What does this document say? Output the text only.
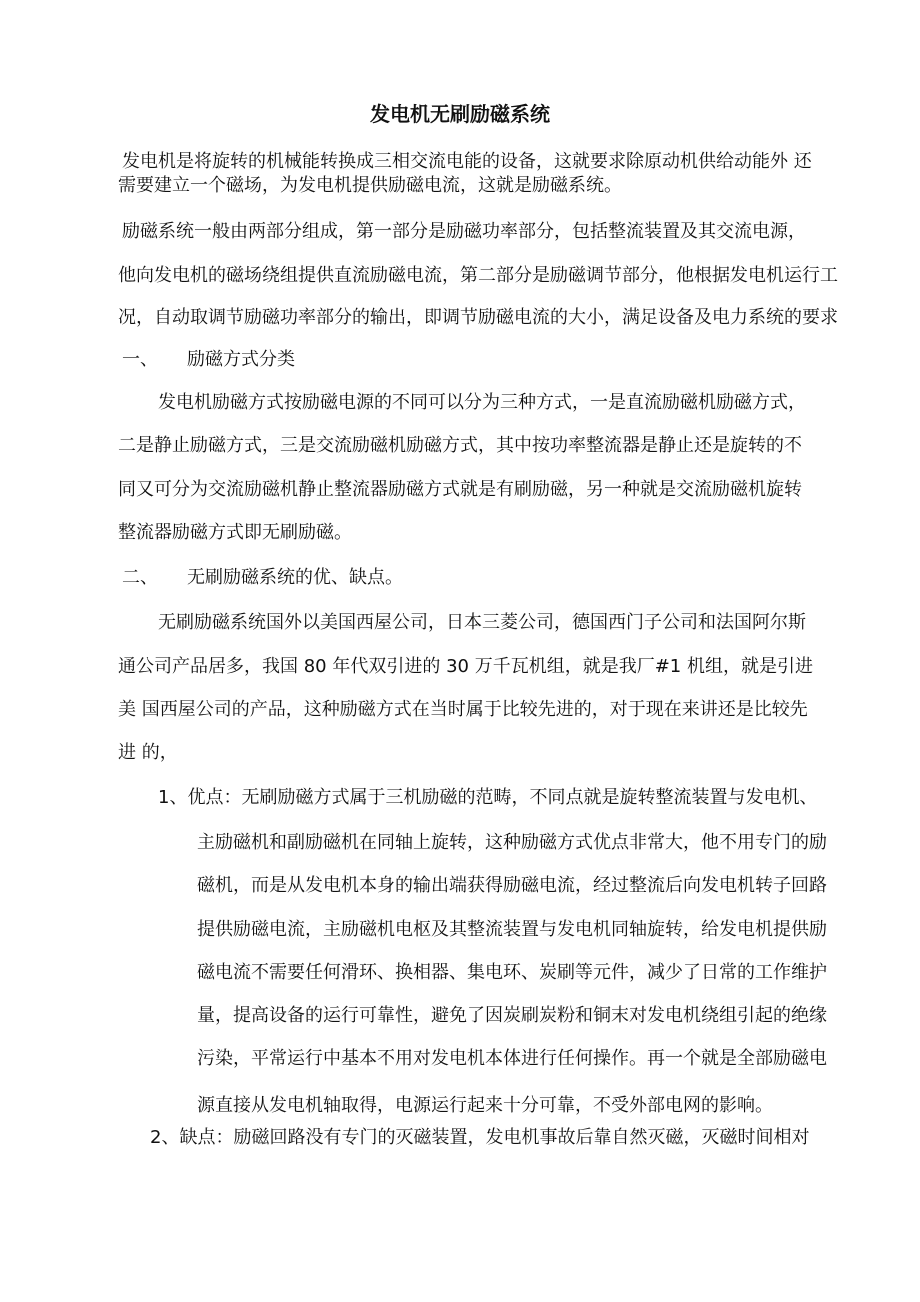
发电机无刷励磁系统
发电机是将旋转的机械能转换成三相交流电能的设备，这就要求除原动机供给动能外 还
需要建立一个磁场，为发电机提供励磁电流，这就是励磁系统。
励磁系统一般由两部分组成，第一部分是励磁功率部分，包括整流装置及其交流电源，
他向发电机的磁场绕组提供直流励磁电流，第二部分是励磁调节部分，他根据发电机运行工
况，自动取调节励磁功率部分的输出，即调节励磁电流的大小，满足设备及电力系统的要求
一、 励磁方式分类
发电机励磁方式按励磁电源的不同可以分为三种方式，一是直流励磁机励磁方式，
二是静止励磁方式，三是交流励磁机励磁方式，其中按功率整流器是静止还是旋转的不
同又可分为交流励磁机静止整流器励磁方式就是有刷励磁，另一种就是交流励磁机旋转
整流器励磁方式即无刷励磁。
二、 无刷励磁系统的优、缺点。
无刷励磁系统国外以美国西屋公司，日本三菱公司，德国西门子公司和法国阿尔斯
通公司产品居多，我国 80 年代双引进的 30 万千瓦机组，就是我厂#1 机组，就是引进
美 国西屋公司的产品，这种励磁方式在当时属于比较先进的，对于现在来讲还是比较先
进 的，
1、优点：无刷励磁方式属于三机励磁的范畴，不同点就是旋转整流装置与发电机、
主励磁机和副励磁机在同轴上旋转，这种励磁方式优点非常大，他不用专门的励
磁机，而是从发电机本身的输出端获得励磁电流，经过整流后向发电机转子回路
提供励磁电流，主励磁机电枢及其整流装置与发电机同轴旋转，给发电机提供励
磁电流不需要任何滑环、换相器、集电环、炭刷等元件，减少了日常的工作维护
量，提高设备的运行可靠性，避免了因炭刷炭粉和铜末对发电机绕组引起的绝缘
污染，平常运行中基本不用对发电机本体进行任何操作。再一个就是全部励磁电
源直接从发电机轴取得，电源运行起来十分可靠，不受外部电网的影响。
2、缺点：励磁回路没有专门的灭磁装置，发电机事故后靠自然灭磁，灭磁时间相对
